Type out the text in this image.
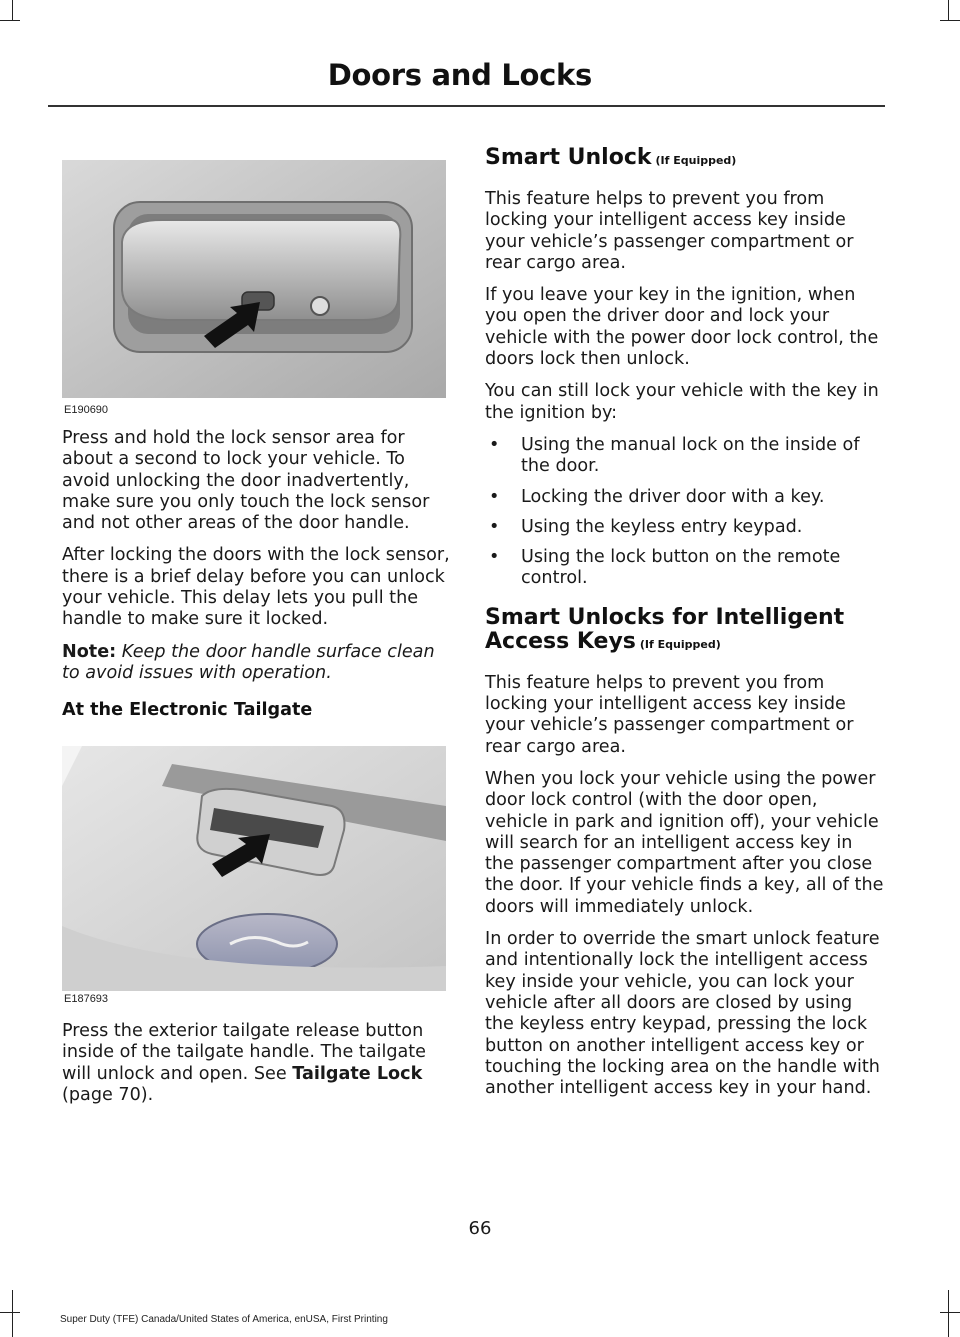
Doors and Locks
E190690

Press and hold the lock sensor area for about a second to lock your vehicle. To avoid unlocking the door inadvertently, make sure you only touch the lock sensor and not other areas of the door handle.

After locking the doors with the lock sensor, there is a brief delay before you can unlock your vehicle. This delay lets you pull the handle to make sure it locked.

Note: Keep the door handle surface clean to avoid issues with operation.

At the Electronic Tailgate
E187693

Press the exterior tailgate release button inside of the tailgate handle. The tailgate will unlock and open. See Tailgate Lock (page 70).

Smart Unlock (If Equipped)

This feature helps to prevent you from locking your intelligent access key inside your vehicle’s passenger compartment or rear cargo area.

If you leave your key in the ignition, when you open the driver door and lock your vehicle with the power door lock control, the doors lock then unlock.

You can still lock your vehicle with the key in the ignition by:

• Using the manual lock on the inside of the door.
• Locking the driver door with a key.
• Using the keyless entry keypad.
• Using the lock button on the remote control.
Smart Unlocks for Intelligent
Access Keys (If Equipped)

This feature helps to prevent you from locking your intelligent access key inside your vehicle’s passenger compartment or rear cargo area.

When you lock your vehicle using the power door lock control (with the door open, vehicle in park and ignition off), your vehicle will search for an intelligent access key in the passenger compartment after you close the door. If your vehicle finds a key, all of the doors will immediately unlock.

In order to override the smart unlock feature and intentionally lock the intelligent access key inside your vehicle, you can lock your vehicle after all doors are closed by using the keyless entry keypad, pressing the lock button on another intelligent access key or touching the locking area on the handle with another intelligent access key in your hand.

66
Super Duty (TFE) Canada/United States of America, enUSA, First Printing
